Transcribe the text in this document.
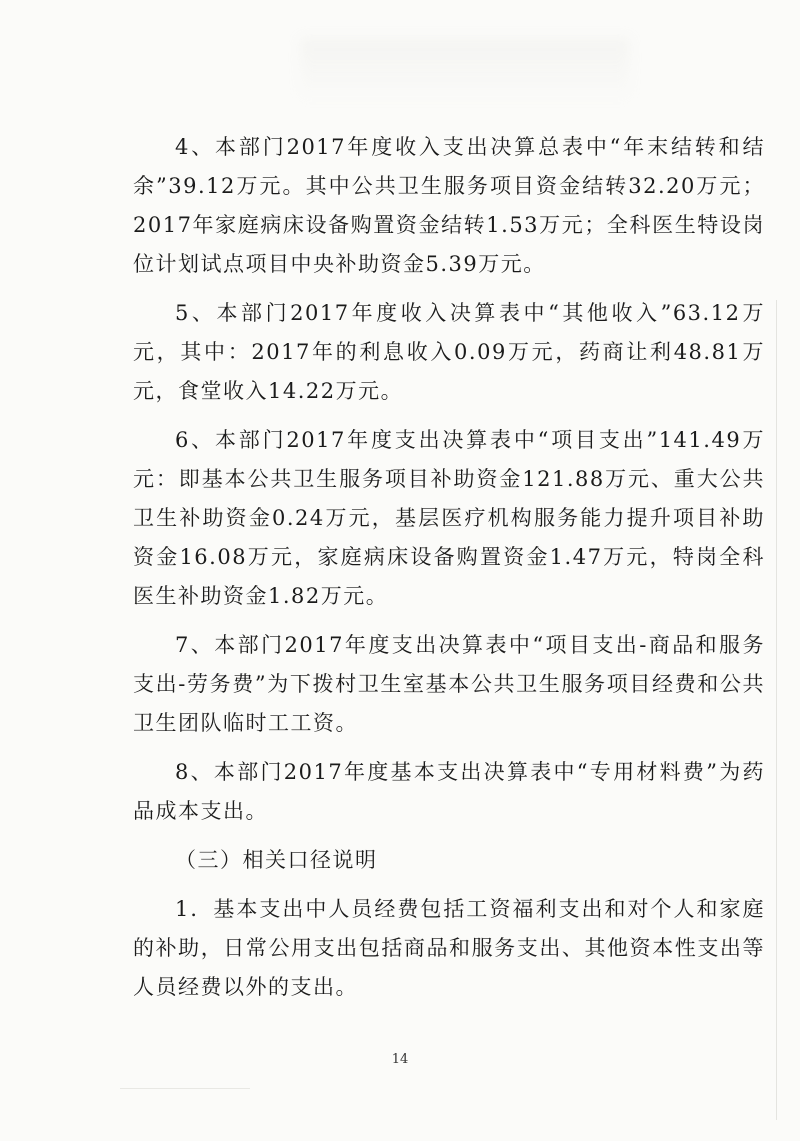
4、本部门2017年度收入支出决算总表中“年末结转和结余”39.12万元。其中公共卫生服务项目资金结转32.20万元；2017年家庭病床设备购置资金结转1.53万元；全科医生特设岗位计划试点项目中央补助资金5.39万元。

5、本部门2017年度收入决算表中“其他收入”63.12万元，其中：2017年的利息收入0.09万元，药商让利48.81万元，食堂收入14.22万元。

6、本部门2017年度支出决算表中“项目支出”141.49万元：即基本公共卫生服务项目补助资金121.88万元、重大公共卫生补助资金0.24万元，基层医疗机构服务能力提升项目补助资金16.08万元，家庭病床设备购置资金1.47万元，特岗全科医生补助资金1.82万元。

7、本部门2017年度支出决算表中“项目支出-商品和服务支出-劳务费”为下拨村卫生室基本公共卫生服务项目经费和公共卫生团队临时工工资。

8、本部门2017年度基本支出决算表中“专用材料费”为药品成本支出。

（三）相关口径说明

1．基本支出中人员经费包括工资福利支出和对个人和家庭的补助，日常公用支出包括商品和服务支出、其他资本性支出等人员经费以外的支出。

14
